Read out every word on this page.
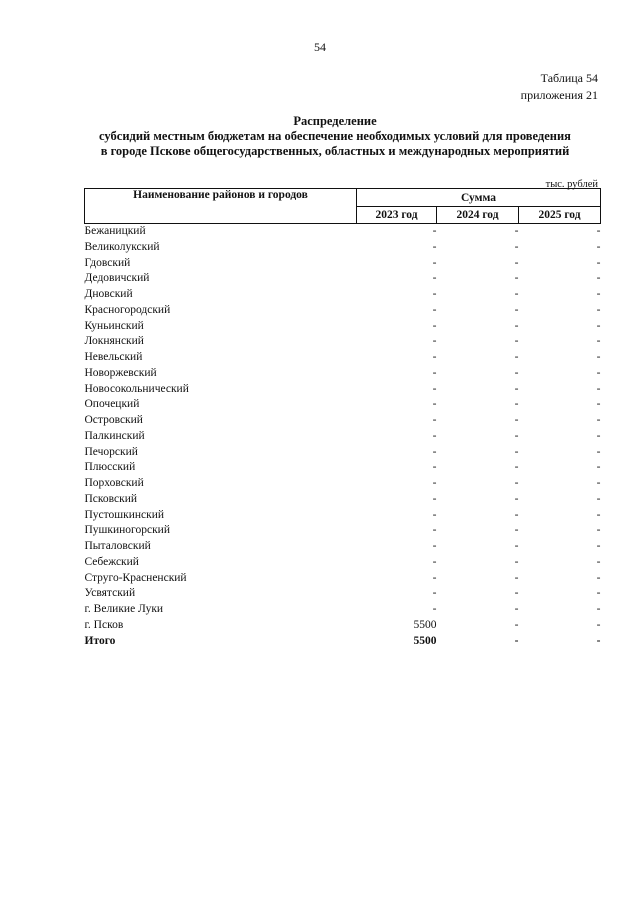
54
Таблица 54
приложения 21
Распределение
субсидий местным бюджетам на обеспечение необходимых условий для проведения
в городе Пскове общегосударственных, областных и международных мероприятий
тыс. рублей
Наименование районов и городов	Сумма		
	2023 год	2024 год	2025 год
Бежаницкий	-	-	-
Великолукский	-	-	-
Гдовский	-	-	-
Дедовичский	-	-	-
Дновский	-	-	-
Красногородский	-	-	-
Куньинский	-	-	-
Локнянский	-	-	-
Невельский	-	-	-
Новоржевский	-	-	-
Новосокольнический	-	-	-
Опочецкий	-	-	-
Островский	-	-	-
Палкинский	-	-	-
Печорский	-	-	-
Плюсский	-	-	-
Порховский	-	-	-
Псковский	-	-	-
Пустошкинский	-	-	-
Пушкиногорский	-	-	-
Пыталовский	-	-	-
Себежский	-	-	-
Струго-Красненский	-	-	-
Усвятский	-	-	-
г. Великие Луки	-	-	-
г. Псков	5500	-	-
Итого	5500	-	-
